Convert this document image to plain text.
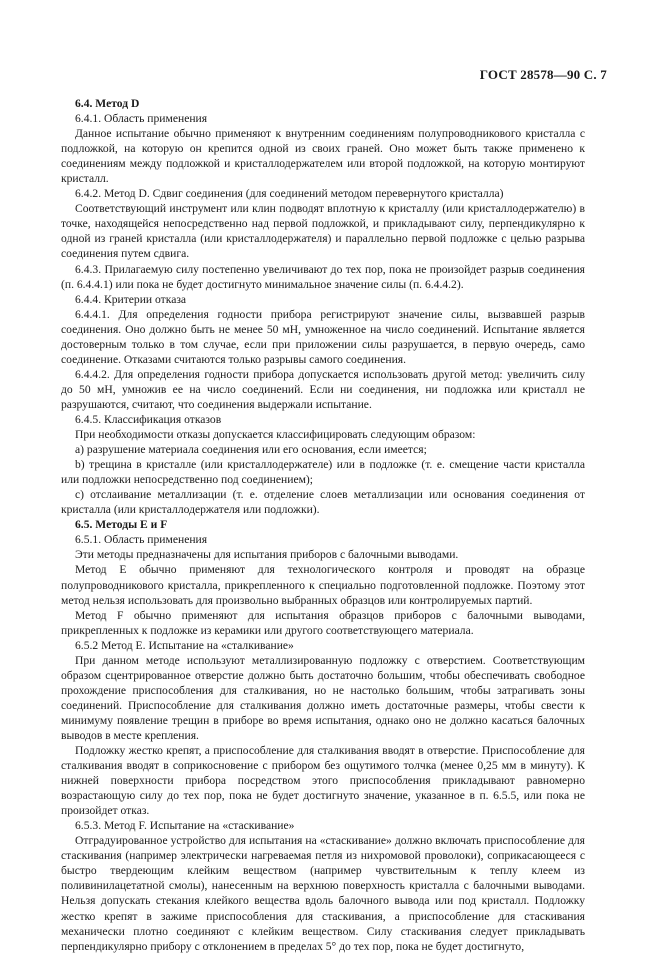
ГОСТ 28578—90 С. 7

6.4. Метод D

6.4.1. Область применения

Данное испытание обычно применяют к внутренним соединениям полупроводникового кристалла с подложкой, на которую он крепится одной из своих граней. Оно может быть также применено к соединениям между подложкой и кристаллодержателем или второй подложкой, на которую монтируют кристалл.

6.4.2. Метод D. Сдвиг соединения (для соединений методом перевернутого кристалла)

Соответствующий инструмент или клин подводят вплотную к кристаллу (или кристаллодержателю) в точке, находящейся непосредственно над первой подложкой, и прикладывают силу, перпендикулярно к одной из граней кристалла (или кристаллодержателя) и параллельно первой подложке с целью разрыва соединения путем сдвига.

6.4.3. Прилагаемую силу постепенно увеличивают до тех пор, пока не произойдет разрыв соединения (п. 6.4.4.1) или пока не будет достигнуто минимальное значение силы (п. 6.4.4.2).

6.4.4. Критерии отказа

6.4.4.1. Для определения годности прибора регистрируют значение силы, вызвавшей разрыв соединения. Оно должно быть не менее 50 мН, умноженное на число соединений. Испытание является достоверным только в том случае, если при приложении силы разрушается, в первую очередь, само соединение. Отказами считаются только разрывы самого соединения.

6.4.4.2. Для определения годности прибора допускается использовать другой метод: увеличить силу до 50 мН, умножив ее на число соединений. Если ни соединения, ни подложка или кристалл не разрушаются, считают, что соединения выдержали испытание.

6.4.5. Классификация отказов

При необходимости отказы допускается классифицировать следующим образом:

а) разрушение материала соединения или его основания, если имеется;

b) трещина в кристалле (или кристаллодержателе) или в подложке (т. е. смещение части кристалла или подложки непосредственно под соединением);

с) отслаивание металлизации (т. е. отделение слоев металлизации или основания соединения от кристалла (или кристаллодержателя или подложки).

6.5. Методы Е и F

6.5.1. Область применения

Эти методы предназначены для испытания приборов с балочными выводами.

Метод Е обычно применяют для технологического контроля и проводят на образце полупроводникового кристалла, прикрепленного к специально подготовленной подложке. Поэтому этот метод нельзя использовать для произвольно выбранных образцов или контролируемых партий.

Метод F обычно применяют для испытания образцов приборов с балочными выводами, прикрепленных к подложке из керамики или другого соответствующего материала.

6.5.2 Метод Е. Испытание на «сталкивание»

При данном методе используют металлизированную подложку с отверстием. Соответствующим образом сцентрированное отверстие должно быть достаточно большим, чтобы обеспечивать свободное прохождение приспособления для сталкивания, но не настолько большим, чтобы затрагивать зоны соединений. Приспособление для сталкивания должно иметь достаточные размеры, чтобы свести к минимуму появление трещин в приборе во время испытания, однако оно не должно касаться балочных выводов в месте крепления.

Подложку жестко крепят, а приспособление для сталкивания вводят в отверстие. Приспособление для сталкивания вводят в соприкосновение с прибором без ощутимого толчка (менее 0,25 мм в минуту). К нижней поверхности прибора посредством этого приспособления прикладывают равномерно возрастающую силу до тех пор, пока не будет достигнуто значение, указанное в п. 6.5.5, или пока не произойдет отказ.

6.5.3. Метод F. Испытание на «стаскивание»

Отградуированное устройство для испытания на «стаскивание» должно включать приспособление для стаскивания (например электрически нагреваемая петля из нихромовой проволоки), соприкасающееся с быстро твердеющим клейким веществом (например чувствительным к теплу клеем из поливинилацетатной смолы), нанесенным на верхнюю поверхность кристалла с балочными выводами. Нельзя допускать стекания клейкого вещества вдоль балочного вывода или под кристалл. Подложку жестко крепят в зажиме приспособления для стаскивания, а приспособление для стаскивания механически плотно соединяют с клейким веществом. Силу стаскивания следует прикладывать перпендикулярно прибору с отклонением в пределах 5° до тех пор, пока не будет достигнуто,
